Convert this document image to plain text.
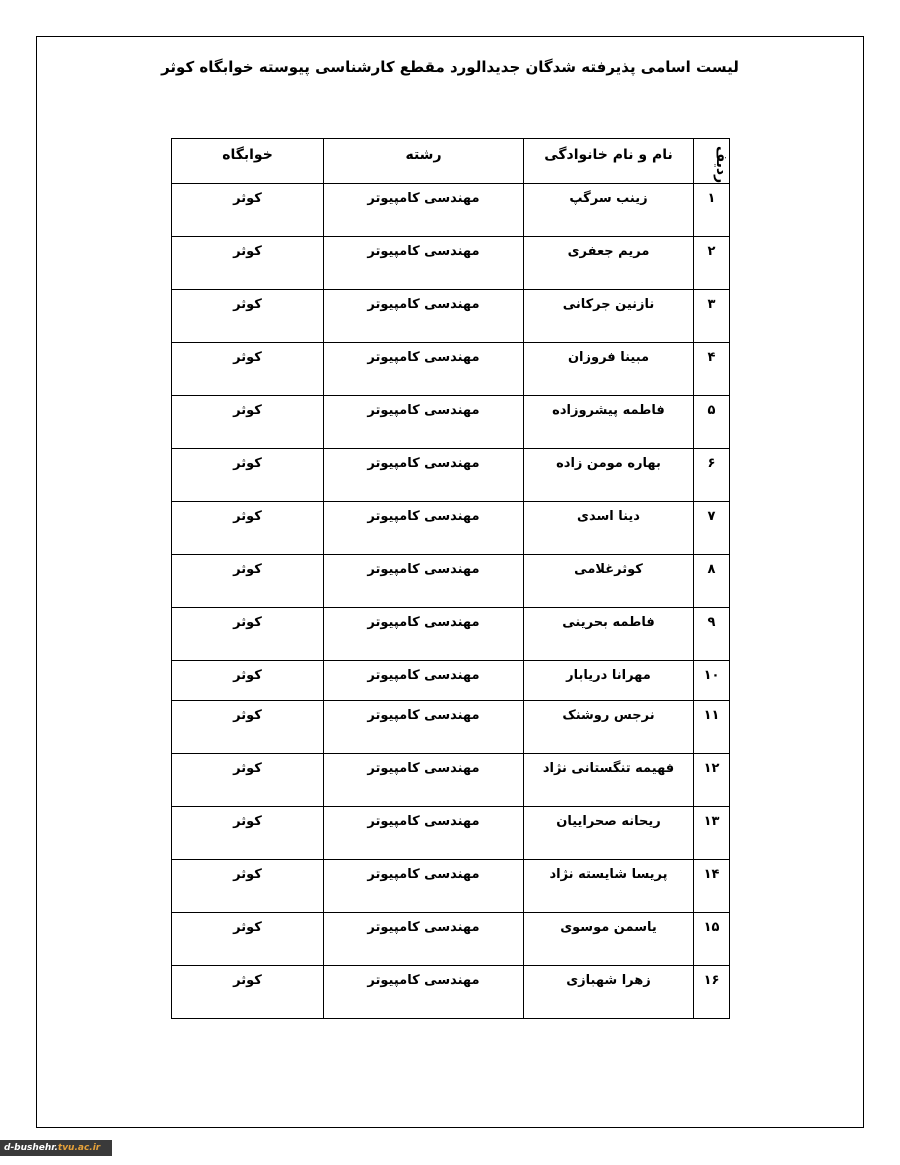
لیست اسامی پذیرفته شدگان جدیدالورد مقطع کارشناسی پیوسته خوابگاه کوثر
ردیف	نام و نام خانوادگی	رشته	خوابگاه
۱	زینب سرگپ	مهندسی کامپیوتر	کوثر
۲	مریم جعفری	مهندسی کامپیوتر	کوثر
۳	نازنین جرکانی	مهندسی کامپیوتر	کوثر
۴	مبینا فروزان	مهندسی کامپیوتر	کوثر
۵	فاطمه پیشروزاده	مهندسی کامپیوتر	کوثر
۶	بهاره مومن زاده	مهندسی کامپیوتر	کوثر
۷	دینا اسدی	مهندسی کامپیوتر	کوثر
۸	کوثرغلامی	مهندسی کامپیوتر	کوثر
۹	فاطمه بحرینی	مهندسی کامپیوتر	کوثر
۱۰	مهرانا دریابار	مهندسی کامپیوتر	کوثر
۱۱	نرجس روشنک	مهندسی کامپیوتر	کوثر
۱۲	فهیمه تنگستانی نژاد	مهندسی کامپیوتر	کوثر
۱۳	ریحانه صحراییان	مهندسی کامپیوتر	کوثر
۱۴	پریسا شایسته نژاد	مهندسی کامپیوتر	کوثر
۱۵	یاسمن موسوی	مهندسی کامپیوتر	کوثر
۱۶	زهرا شهبازی	مهندسی کامپیوتر	کوثر
d-bushehr.tvu.ac.ir
